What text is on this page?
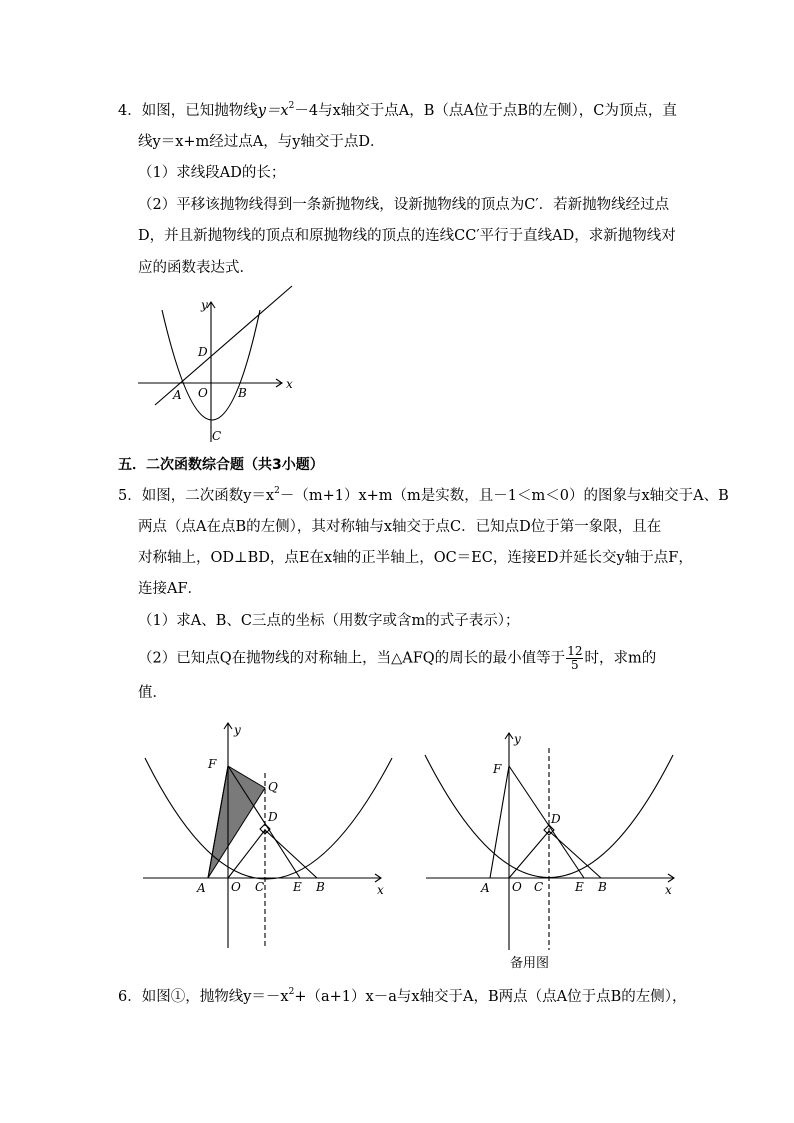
4．如图，已知抛物线$y=x^2-4$与x轴交于点A，B（点A位于点B的左侧），C为顶点，直
线y＝x+m经过点A，与y轴交于点D．
（1）求线段AD的长；
（2）平移该抛物线得到一条新抛物线，设新抛物线的顶点为C′．若新抛物线经过点
D，并且新抛物线的顶点和原抛物线的顶点的连线CC′平行于直线AD，求新抛物线对
应的函数表达式．
y
x
D
A O	B
C
五．二次函数综合题（共3小题）
5．如图，二次函数$y=x^2-(m+1)x+m(m$是实数，且－1＜m＜0）的图象与x轴交于A、B
两点（点A在点B的左侧），其对称轴与x轴交于点C．已知点D位于第一象限，且在
对称轴上，OD⊥BD，点E在x轴的正半轴上，OC＝EC，连接ED并延长交y轴于点F，
连接AF．
（1）求A、B、C三点的坐标（用数字或含m的式子表示）；
（2）已知点Q在抛物线的对称轴上，当△AFQ的周长的最小值等于 $\frac{12}{5}$ 时，求m的
值．
y
x
F
Q
D
A O C E B
y
x
F
D
A O C	E B
备用图
6．如图①，抛物线$y=-x^2+(a+1)x-a$与x轴交于A，B两点（点A位于点B的左侧），
